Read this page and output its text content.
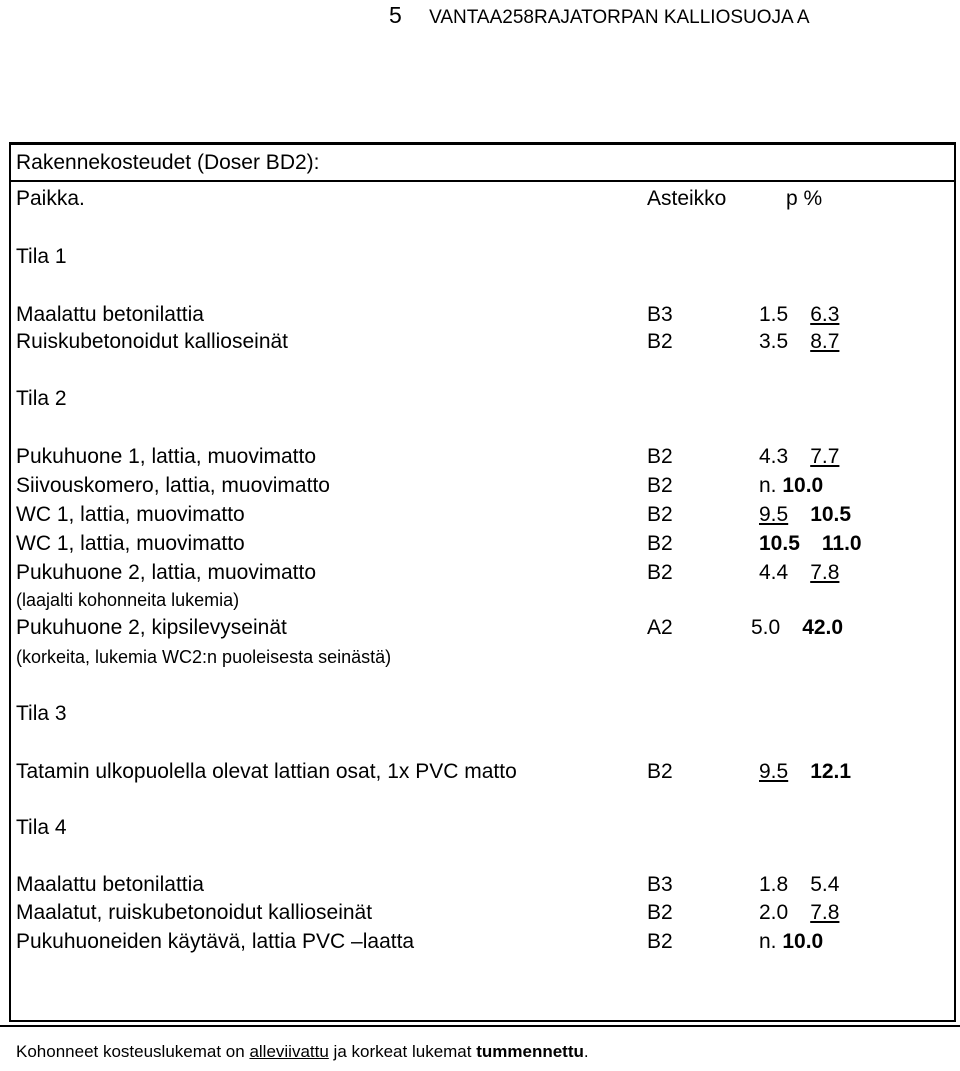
5 VANTAA258RAJATORPAN KALLIOSUOJA A
Rakennekosteudet (Doser BD2):
Paikka.	Asteikko	p %
Tila 1
Maalattu betonilattia	B3	1.5 6.3
Ruiskubetonoidut kallioseinät	B2	3.5 8.7
Tila 2
Pukuhuone 1, lattia, muovimatto	B2	4.3 7.7
Siivouskomero, lattia, muovimatto	B2	n. 10.0
WC 1, lattia, muovimatto	B2	9.5 10.5
WC 1, lattia, muovimatto	B2	10.5 11.0
Pukuhuone 2, lattia, muovimatto	B2	4.4 7.8
(laajalti kohonneita lukemia)
Pukuhuone 2, kipsilevyseinät	A2	5.0 42.0
(korkeita, lukemia WC2:n puoleisesta seinästä)
Tila 3
Tatamin ulkopuolella olevat lattian osat, 1x PVC matto	B2	9.5 12.1
Tila 4
Maalattu betonilattia	B3	1.8 5.4
Maalatut, ruiskubetonoidut kallioseinät	B2	2.0 7.8
Pukuhuoneiden käytävä, lattia PVC –laatta	B2	n. 10.0
Kohonneet kosteuslukemat on alleviivattu ja korkeat lukemat tummennettu.
